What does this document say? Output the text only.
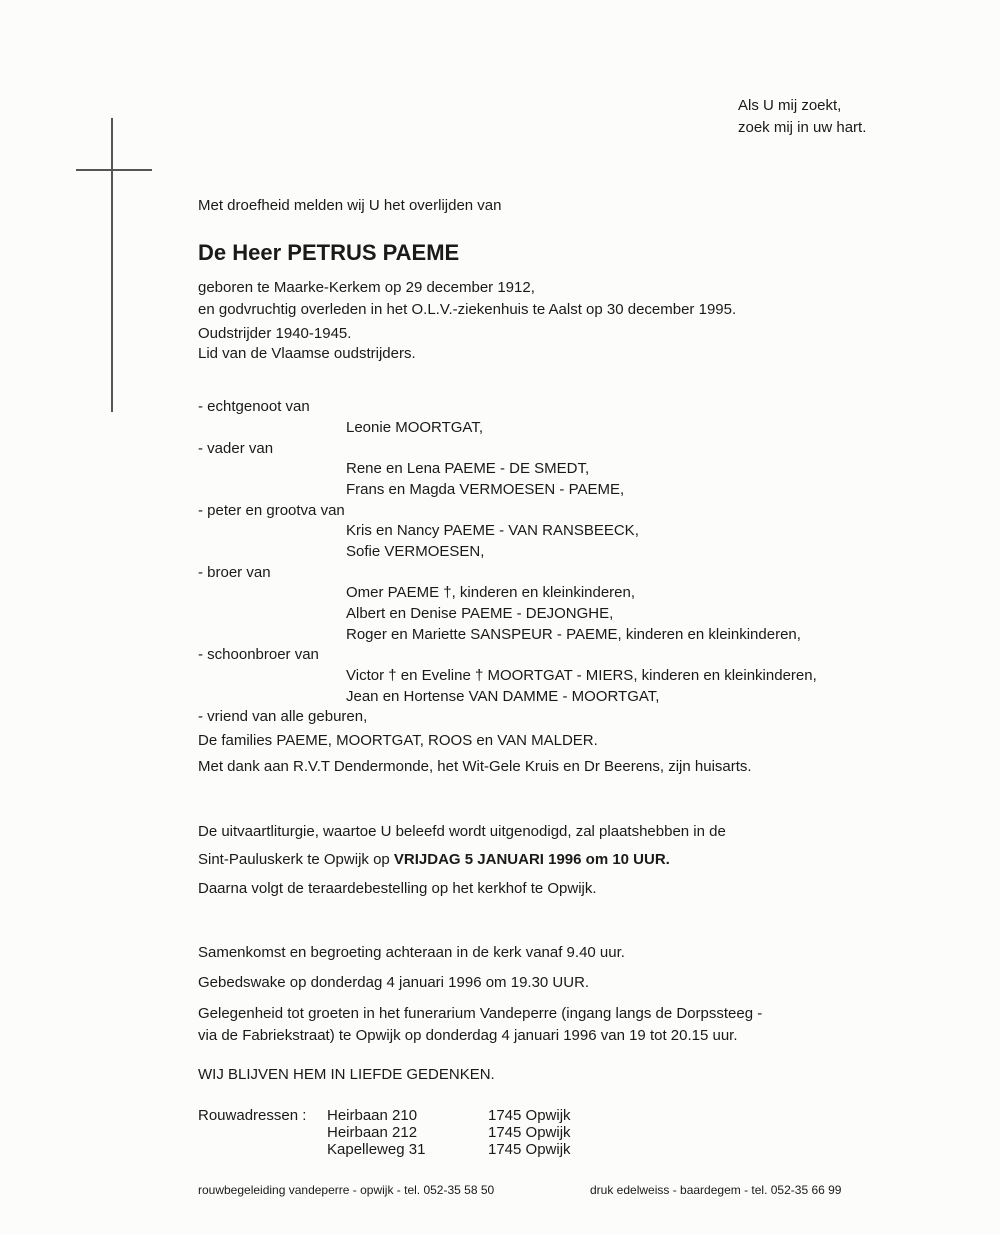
Als U mij zoekt,
zoek mij in uw hart.
Met droefheid melden wij U het overlijden van
De Heer PETRUS PAEME
geboren te Maarke-Kerkem op 29 december 1912,
en godvruchtig overleden in het O.L.V.-ziekenhuis te Aalst op 30 december 1995.
Oudstrijder 1940-1945.
Lid van de Vlaamse oudstrijders.
- echtgenoot van
Leonie MOORTGAT,
- vader van
Rene en Lena PAEME - DE SMEDT,
Frans en Magda VERMOESEN - PAEME,
- peter en grootva van
Kris en Nancy PAEME - VAN RANSBEECK,
Sofie VERMOESEN,
- broer van
Omer PAEME †, kinderen en kleinkinderen,
Albert en Denise PAEME - DEJONGHE,
Roger en Mariette SANSPEUR - PAEME, kinderen en kleinkinderen,
- schoonbroer van
Victor † en Eveline † MOORTGAT - MIERS, kinderen en kleinkinderen,
Jean en Hortense VAN DAMME - MOORTGAT,
- vriend van alle geburen,
De families PAEME, MOORTGAT, ROOS en VAN MALDER.
Met dank aan R.V.T Dendermonde, het Wit-Gele Kruis en Dr Beerens, zijn huisarts.
De uitvaartliturgie, waartoe U beleefd wordt uitgenodigd, zal plaatshebben in de
Sint-Pauluskerk te Opwijk op VRIJDAG 5 JANUARI 1996 om 10 UUR.
Daarna volgt de teraardebestelling op het kerkhof te Opwijk.
Samenkomst en begroeting achteraan in de kerk vanaf 9.40 uur.
Gebedswake op donderdag 4 januari 1996 om 19.30 UUR.
Gelegenheid tot groeten in het funerarium Vandeperre (ingang langs de Dorpssteeg -
via de Fabriekstraat) te Opwijk op donderdag 4 januari 1996 van 19 tot 20.15 uur.
WIJ BLIJVEN HEM IN LIEFDE GEDENKEN.
Rouwadressen : Heirbaan 210	1745 Opwijk
Heirbaan 212	1745 Opwijk
Kapelleweg 31	1745 Opwijk
rouwbegeleiding vandeperre - opwijk - tel. 052-35 58 50	druk edelweiss - baardegem - tel. 052-35 66 99
